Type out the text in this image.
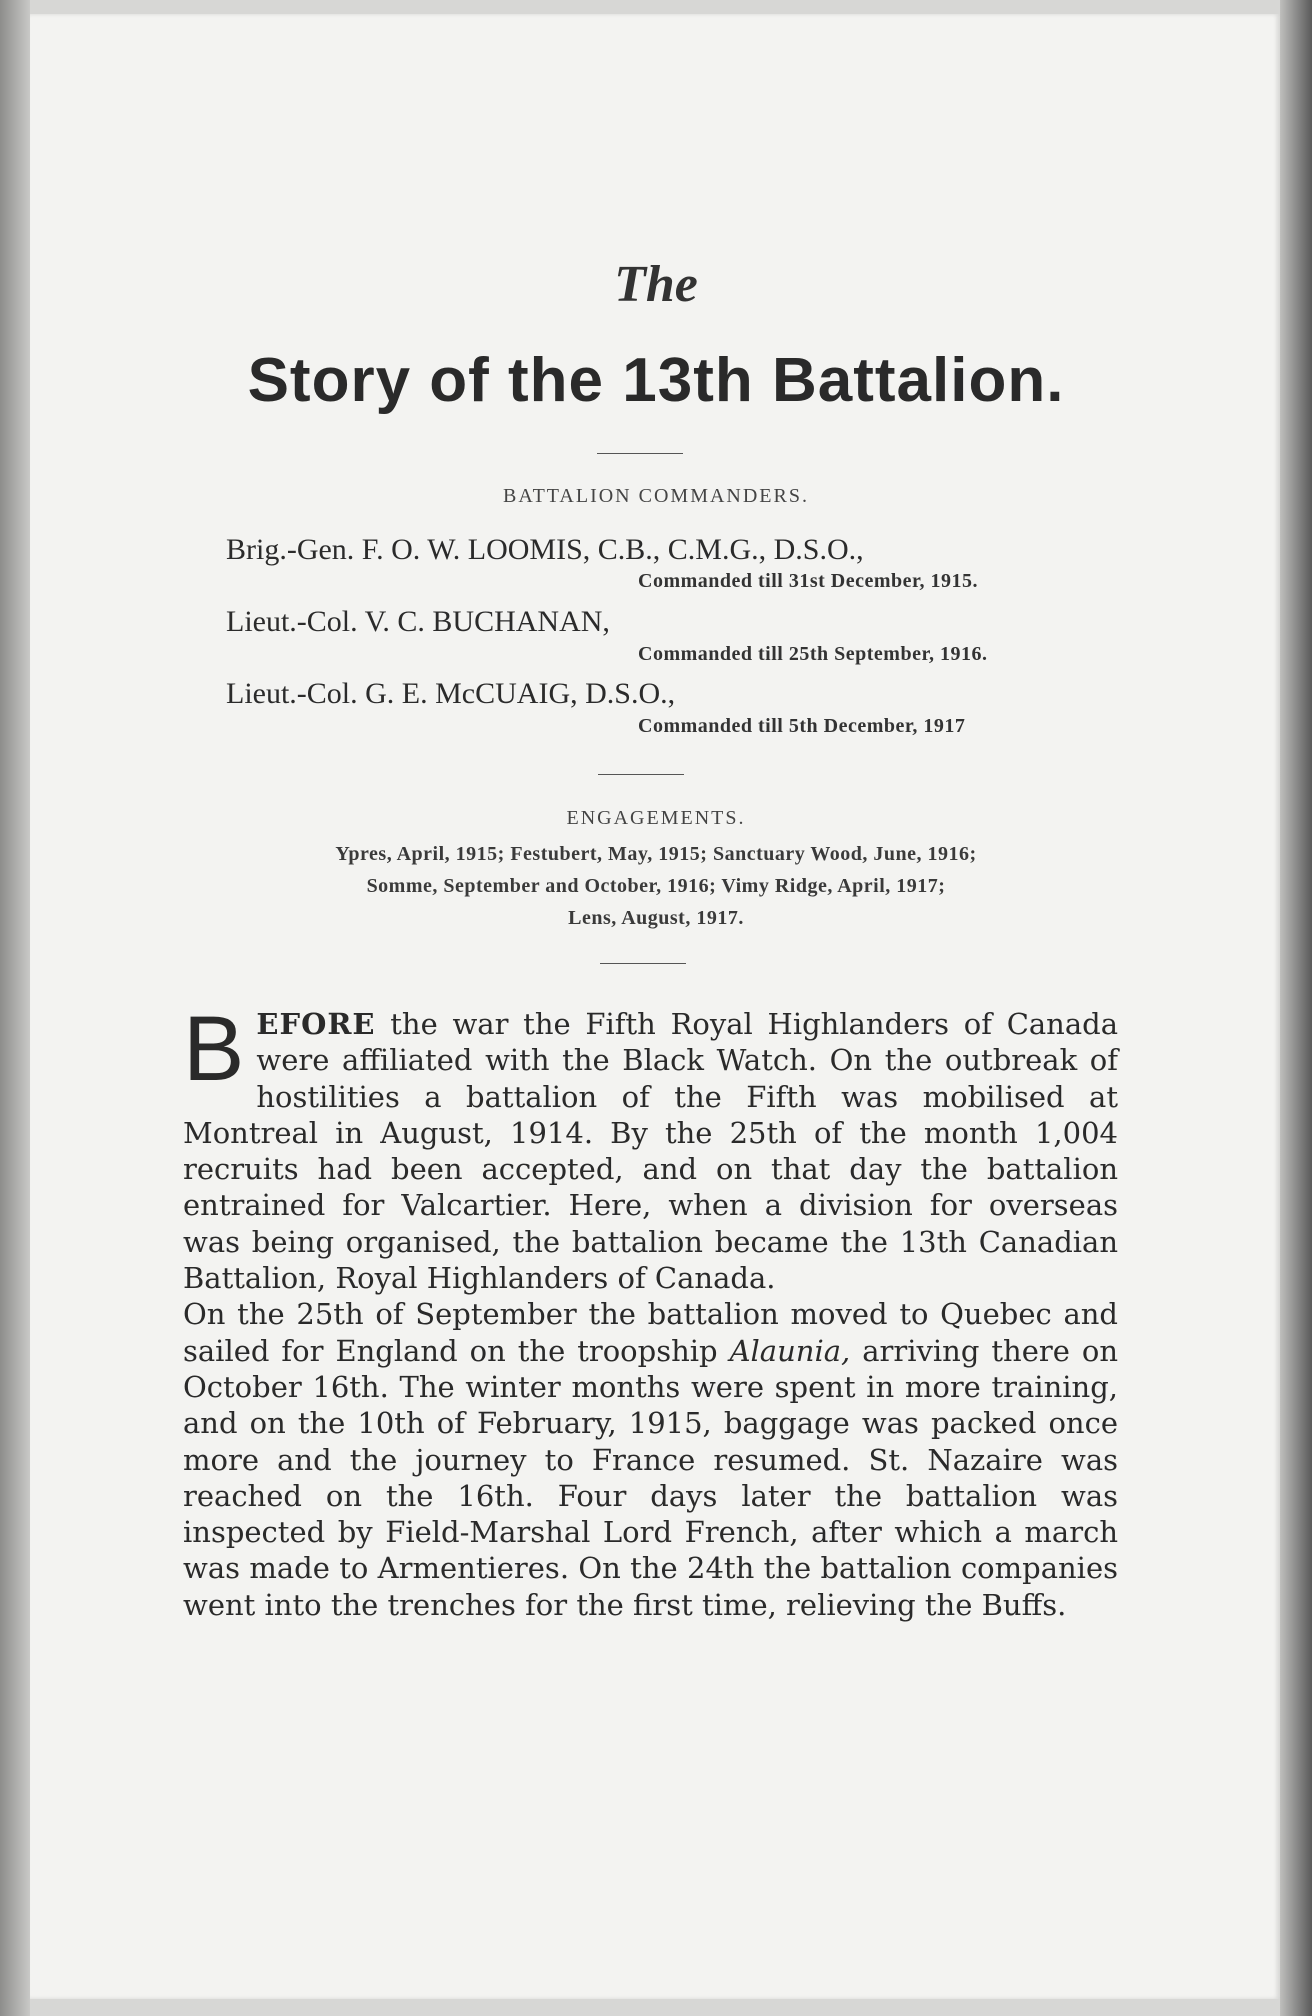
The
Story of the 13th Battalion.
BATTALION COMMANDERS.
Brig.-Gen. F. O. W. LOOMIS, C.B., C.M.G., D.S.O.,
Commanded till 31st December, 1915.
Lieut.-Col. V. C. BUCHANAN,
Commanded till 25th September, 1916.
Lieut.-Col. G. E. McCUAIG, D.S.O.,
Commanded till 5th December, 1917
ENGAGEMENTS.
Ypres, April, 1915; Festubert, May, 1915; Sanctuary Wood, June, 1916;
Somme, September and October, 1916; Vimy Ridge, April, 1917;
Lens, August, 1917.

BEFORE the war the Fifth Royal Highlanders of Canada were affiliated with the Black Watch. On the outbreak of hostilities a battalion of the Fifth was mobilised at Montreal in August, 1914. By the 25th of the month 1,004 recruits had been accepted, and on that day the battalion entrained for Valcartier. Here, when a division for overseas was being organised, the battalion became the 13th Canadian Battalion, Royal Highlanders of Canada.

On the 25th of September the battalion moved to Quebec and sailed for England on the troopship Alaunia, arriving there on October 16th. The winter months were spent in more training, and on the 10th of February, 1915, baggage was packed once more and the journey to France resumed. St. Nazaire was reached on the 16th. Four days later the battalion was inspected by Field-Marshal Lord French, after which a march was made to Armentieres. On the 24th the battalion companies went into the trenches for the first time, relieving the Buffs.
